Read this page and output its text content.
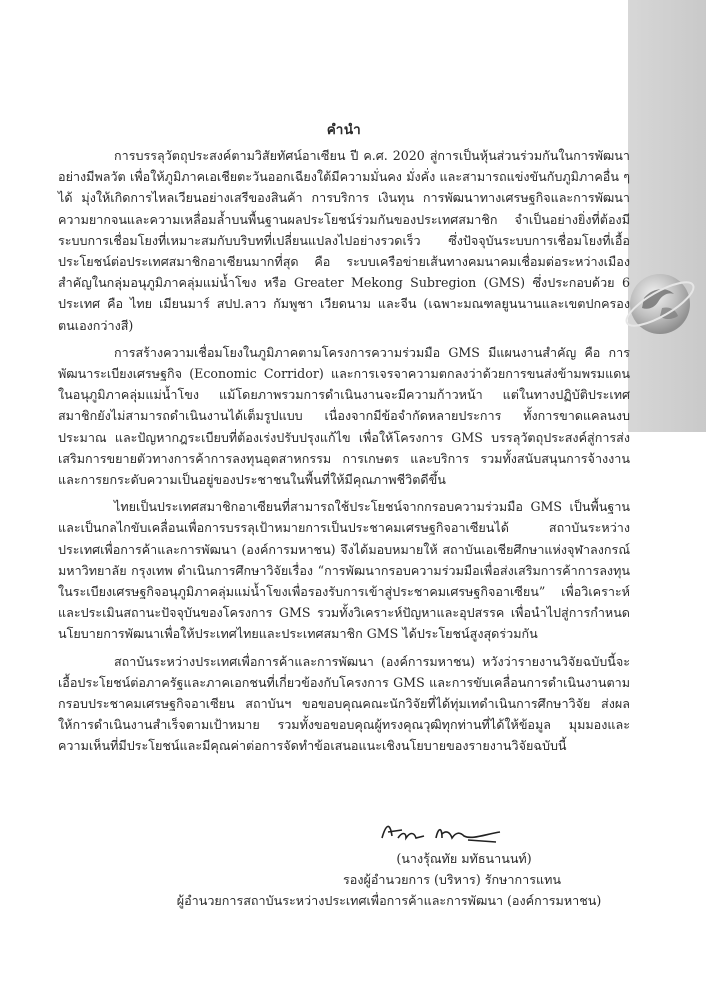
คำนำ

การบรรลุวัตถุประสงค์ตามวิสัยทัศน์อาเซียน ปี ค.ศ. 2020 สู่การเป็นหุ้นส่วนร่วมกันในการพัฒนาอย่างมีพลวัต เพื่อให้ภูมิภาคเอเชียตะวันออกเฉียงใต้มีความมั่นคง มั่งคั่ง และสามารถแข่งขันกับภูมิภาคอื่น ๆ ได้ มุ่งให้เกิดการไหลเวียนอย่างเสรีของสินค้า การบริการ เงินทุน การพัฒนาทางเศรษฐกิจและการพัฒนาความยากจนและความเหลื่อมล้ำบนพื้นฐานผลประโยชน์ร่วมกันของประเทศสมาชิก จำเป็นอย่างยิ่งที่ต้องมีระบบการเชื่อมโยงที่เหมาะสมกับบริบทที่เปลี่ยนแปลงไปอย่างรวดเร็ว ซึ่งปัจจุบันระบบการเชื่อมโยงที่เอื้อประโยชน์ต่อประเทศสมาชิกอาเซียนมากที่สุด คือ ระบบเครือข่ายเส้นทางคมนาคมเชื่อมต่อระหว่างเมืองสำคัญในกลุ่มอนุภูมิภาคลุ่มแม่น้ำโขง หรือ Greater Mekong Subregion (GMS) ซึ่งประกอบด้วย 6 ประเทศ คือ ไทย เมียนมาร์ สปป.ลาว กัมพูชา เวียดนาม และจีน (เฉพาะมณฑลยูนนานและเขตปกครองตนเองกว่างสี)

การสร้างความเชื่อมโยงในภูมิภาคตามโครงการความร่วมมือ GMS มีแผนงานสำคัญ คือ การพัฒนาระเบียงเศรษฐกิจ (Economic Corridor) และการเจรจาความตกลงว่าด้วยการขนส่งข้ามพรมแดนในอนุภูมิภาคลุ่มแม่น้ำโขง แม้โดยภาพรวมการดำเนินงานจะมีความก้าวหน้า แต่ในทางปฏิบัติประเทศสมาชิกยังไม่สามารถดำเนินงานได้เต็มรูปแบบ เนื่องจากมีข้อจำกัดหลายประการ ทั้งการขาดแคลนงบประมาณ และปัญหากฎระเบียบที่ต้องเร่งปรับปรุงแก้ไข เพื่อให้โครงการ GMS บรรลุวัตถุประสงค์สู่การส่งเสริมการขยายตัวทางการค้าการลงทุนอุตสาหกรรม การเกษตร และบริการ รวมทั้งสนับสนุนการจ้างงาน และการยกระดับความเป็นอยู่ของประชาชนในพื้นที่ให้มีคุณภาพชีวิตดีขึ้น

ไทยเป็นประเทศสมาชิกอาเซียนที่สามารถใช้ประโยชน์จากกรอบความร่วมมือ GMS เป็นพื้นฐานและเป็นกลไกขับเคลื่อนเพื่อการบรรลุเป้าหมายการเป็นประชาคมเศรษฐกิจอาเซียนได้ สถาบันระหว่างประเทศเพื่อการค้าและการพัฒนา (องค์การมหาชน) จึงได้มอบหมายให้ สถาบันเอเชียศึกษาแห่งจุฬาลงกรณ์มหาวิทยาลัย กรุงเทพ ดำเนินการศึกษาวิจัยเรื่อง “การพัฒนากรอบความร่วมมือเพื่อส่งเสริมการค้าการลงทุนในระเบียงเศรษฐกิจอนุภูมิภาคลุ่มแม่น้ำโขงเพื่อรองรับการเข้าสู่ประชาคมเศรษฐกิจอาเซียน” เพื่อวิเคราะห์และประเมินสถานะปัจจุบันของโครงการ GMS รวมทั้งวิเคราะห์ปัญหาและอุปสรรค เพื่อนำไปสู่การกำหนดนโยบายการพัฒนาเพื่อให้ประเทศไทยและประเทศสมาชิก GMS ได้ประโยชน์สูงสุดร่วมกัน

สถาบันระหว่างประเทศเพื่อการค้าและการพัฒนา (องค์การมหาชน) หวังว่ารายงานวิจัยฉบับนี้จะเอื้อประโยชน์ต่อภาครัฐและภาคเอกชนที่เกี่ยวข้องกับโครงการ GMS และการขับเคลื่อนการดำเนินงานตามกรอบประชาคมเศรษฐกิจอาเซียน สถาบันฯ ขอขอบคุณคณะนักวิจัยที่ได้ทุ่มเทดำเนินการศึกษาวิจัย ส่งผลให้การดำเนินงานสำเร็จตามเป้าหมาย รวมทั้งขอขอบคุณผู้ทรงคุณวุฒิทุกท่านที่ได้ให้ข้อมูล มุมมองและความเห็นที่มีประโยชน์และมีคุณค่าต่อการจัดทำข้อเสนอแนะเชิงนโยบายของรายงานวิจัยฉบับนี้

(นางรุ้ณทัย มทัธนานนท์)
รองผู้อำนวยการ (บริหาร) รักษาการแทน
ผู้อำนวยการสถาบันระหว่างประเทศเพื่อการค้าและการพัฒนา (องค์การมหาชน)
